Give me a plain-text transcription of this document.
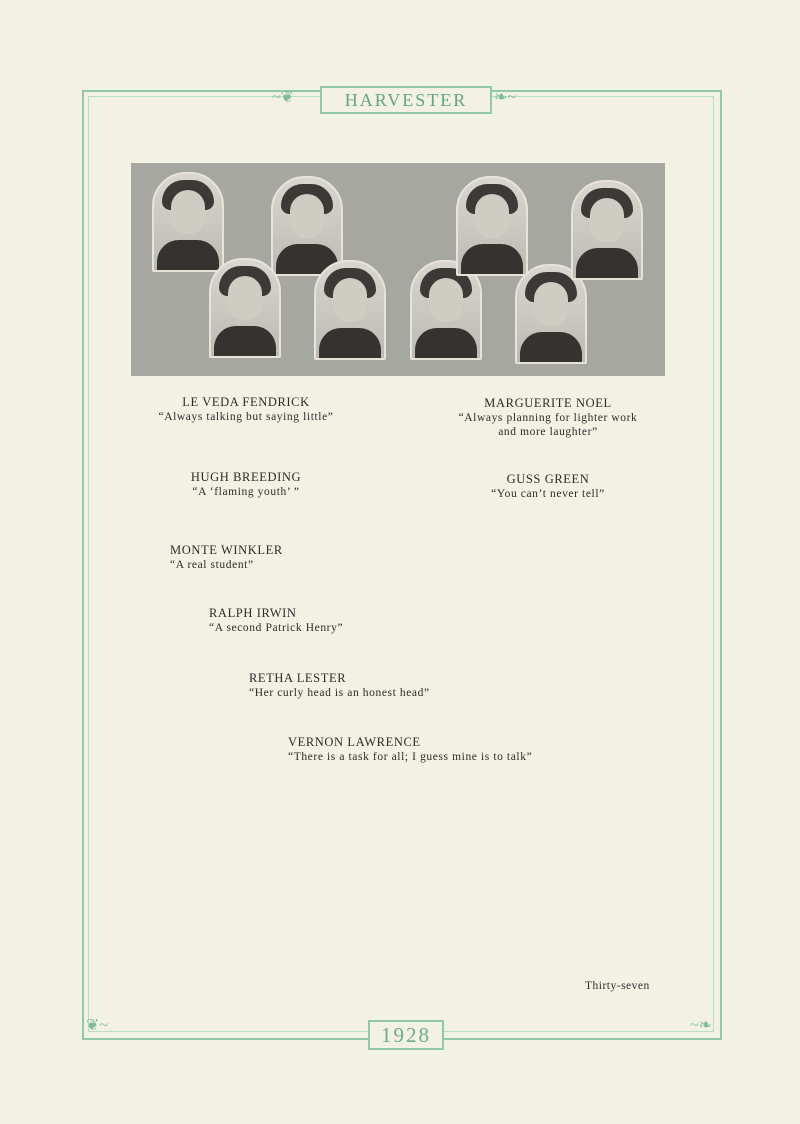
~❦	HARVESTER	❧~
❦~	1928	~❧
LE VEDA FENDRICK
“Always talking but saying little”
MARGUERITE NOEL
“Always planning for lighter work
and more laughter”
HUGH BREEDING
“A ‘flaming youth’ ”
GUSS GREEN
“You can’t never tell”
MONTE WINKLER
“A real student”
RALPH IRWIN
“A second Patrick Henry”
RETHA LESTER
“Her curly head is an honest head”
VERNON LAWRENCE
“There is a task for all; I guess mine is to talk”
Thirty-seven
